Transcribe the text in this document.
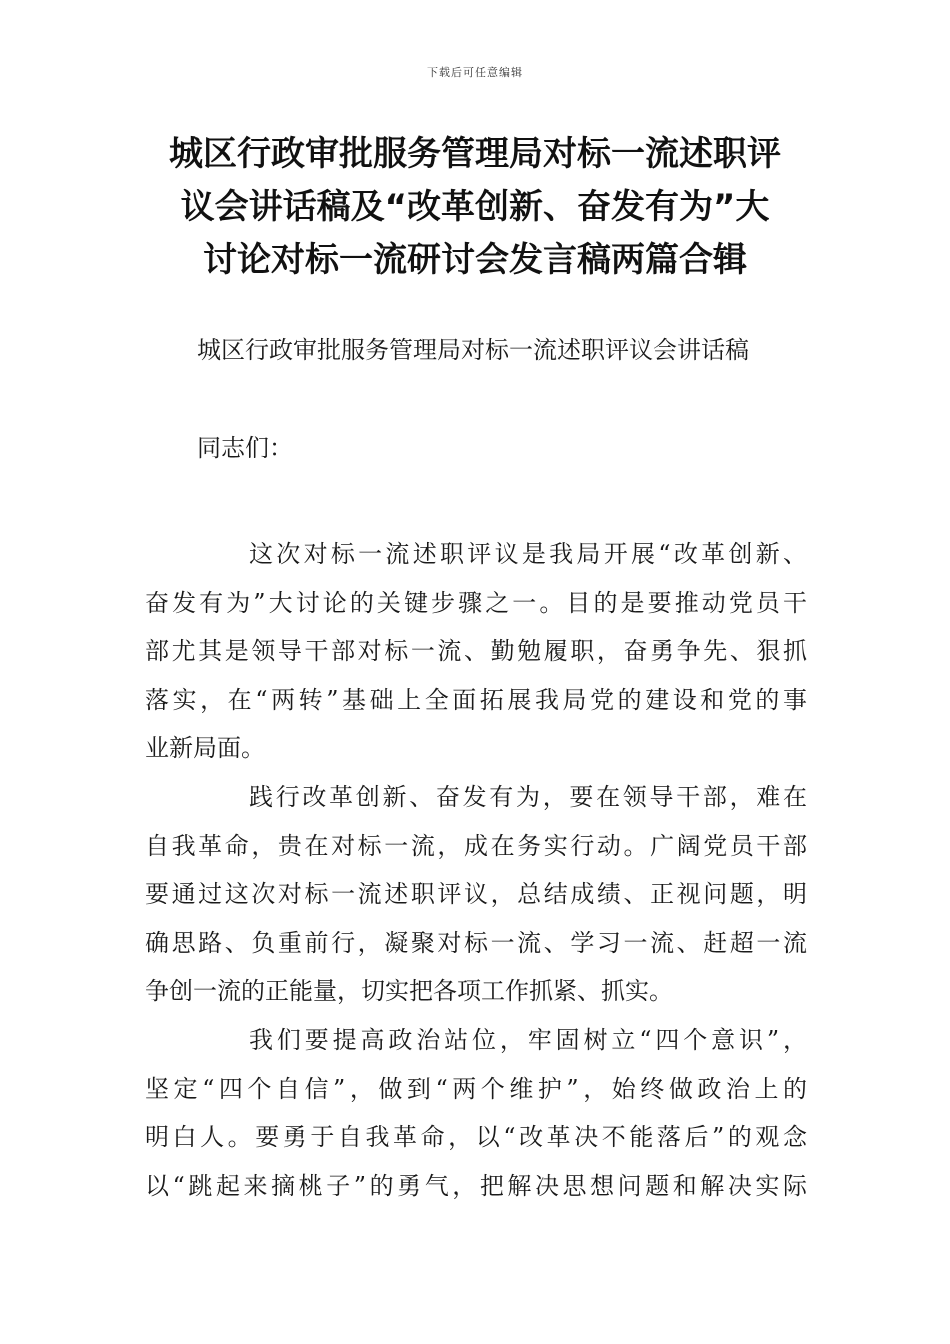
下载后可任意编辑
城区行政审批服务管理局对标一流述职评
议会讲话稿及“改革创新、奋发有为”大
讨论对标一流研讨会发言稿两篇合辑
城区行政审批服务管理局对标一流述职评议会讲话稿
同志们：
这次对标一流述职评议是我局开展“改革创新、
奋发有为”大讨论的关键步骤之一。目的是要推动党员干
部尤其是领导干部对标一流、勤勉履职，奋勇争先、狠抓
落实，在“两转”基础上全面拓展我局党的建设和党的事
业新局面。
践行改革创新、奋发有为，要在领导干部，难在
自我革命，贵在对标一流，成在务实行动。广阔党员干部
要通过这次对标一流述职评议，总结成绩、正视问题，明
确思路、负重前行，凝聚对标一流、学习一流、赶超一流
争创一流的正能量，切实把各项工作抓紧、抓实。
我们要提高政治站位，牢固树立“四个意识”，
坚定“四个自信”，做到“两个维护”，始终做政治上的
明白人。要勇于自我革命，以“改革决不能落后”的观念
以“跳起来摘桃子”的勇气，把解决思想问题和解决实际
